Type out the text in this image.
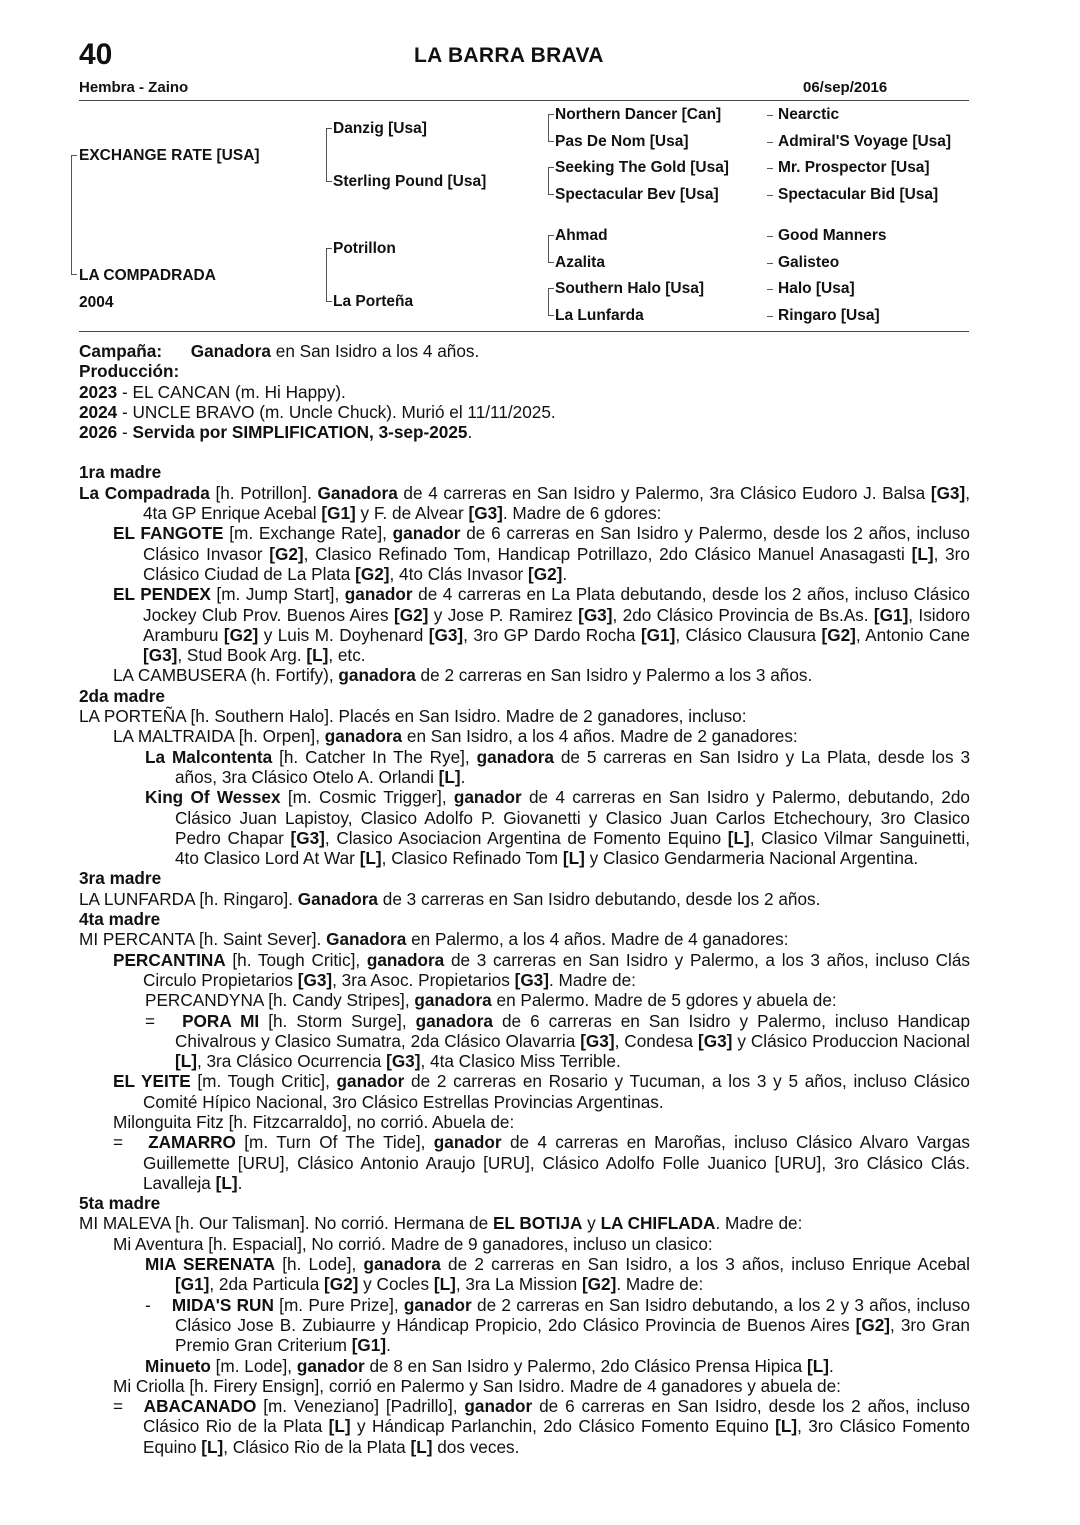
40	LA BARRA BRAVA
Hembra - Zaino	06/sep/2016
EXCHANGE RATE [USA]
LA COMPADRADA
2004
Danzig [Usa]
Sterling Pound [Usa]
Potrillon
La Porteña
Northern Dancer [Can]
Pas De Nom [Usa]
Seeking The Gold [Usa]
Spectacular Bev [Usa]
Ahmad
Azalita
Southern Halo [Usa]
La Lunfarda
Nearctic
Admiral'S Voyage [Usa]
Mr. Prospector [Usa]
Spectacular Bid [Usa]
Good Manners
Galisteo
Halo [Usa]
Ringaro [Usa]

Campaña: Ganadora en San Isidro a los 4 años.

Producción:

2023 - EL CANCAN (m. Hi Happy).

2024 - UNCLE BRAVO (m. Uncle Chuck). Murió el 11/11/2025.

2026 - Servida por SIMPLIFICATION, 3-sep-2025.

1ra madre

La Compadrada [h. Potrillon]. Ganadora de 4 carreras en San Isidro y Palermo, 3ra Clásico Eudoro J. Balsa [G3], 4ta GP Enrique Acebal [G1] y F. de Alvear [G3]. Madre de 6 gdores:

EL FANGOTE [m. Exchange Rate], ganador de 6 carreras en San Isidro y Palermo, desde los 2 años, incluso Clásico Invasor [G2], Clasico Refinado Tom, Handicap Potrillazo, 2do Clásico Manuel Anasagasti [L], 3ro Clásico Ciudad de La Plata [G2], 4to Clás Invasor [G2].

EL PENDEX [m. Jump Start], ganador de 4 carreras en La Plata debutando, desde los 2 años, incluso Clásico Jockey Club Prov. Buenos Aires [G2] y Jose P. Ramirez [G3], 2do Clásico Provincia de Bs.As. [G1], Isidoro Aramburu [G2] y Luis M. Doyhenard [G3], 3ro GP Dardo Rocha [G1], Clásico Clausura [G2], Antonio Cane [G3], Stud Book Arg. [L], etc.

LA CAMBUSERA (h. Fortify), ganadora de 2 carreras en San Isidro y Palermo a los 3 años.

2da madre

LA PORTEÑA [h. Southern Halo]. Placés en San Isidro. Madre de 2 ganadores, incluso:

LA MALTRAIDA [h. Orpen], ganadora en San Isidro, a los 4 años. Madre de 2 ganadores:

La Malcontenta [h. Catcher In The Rye], ganadora de 5 carreras en San Isidro y La Plata, desde los 3 años, 3ra Clásico Otelo A. Orlandi [L].

King Of Wessex [m. Cosmic Trigger], ganador de 4 carreras en San Isidro y Palermo, debutando, 2do Clásico Juan Lapistoy, Clasico Adolfo P. Giovanetti y Clasico Juan Carlos Etchechoury, 3ro Clasico Pedro Chapar [G3], Clasico Asociacion Argentina de Fomento Equino [L], Clasico Vilmar Sanguinetti, 4to Clasico Lord At War [L], Clasico Refinado Tom [L] y Clasico Gendarmeria Nacional Argentina.

3ra madre

LA LUNFARDA [h. Ringaro]. Ganadora de 3 carreras en San Isidro debutando, desde los 2 años.

4ta madre

MI PERCANTA [h. Saint Sever]. Ganadora en Palermo, a los 4 años. Madre de 4 ganadores:

PERCANTINA [h. Tough Critic], ganadora de 3 carreras en San Isidro y Palermo, a los 3 años, incluso Clás Circulo Propietarios [G3], 3ra Asoc. Propietarios [G3]. Madre de:

PERCANDYNA [h. Candy Stripes], ganadora en Palermo. Madre de 5 gdores y abuela de:

=   PORA MI [h. Storm Surge], ganadora de 6 carreras en San Isidro y Palermo, incluso Handicap Chivalrous y Clasico Sumatra, 2da Clásico Olavarria [G3], Condesa [G3] y Clásico Produccion Nacional [L], 3ra Clásico Ocurrencia [G3], 4ta Clasico Miss Terrible.

EL YEITE [m. Tough Critic], ganador de 2 carreras en Rosario y Tucuman, a los 3 y 5 años, incluso Clásico Comité Hípico Nacional, 3ro Clásico Estrellas Provincias Argentinas.

Milonguita Fitz [h. Fitzcarraldo], no corrió. Abuela de:

=   ZAMARRO [m. Turn Of The Tide], ganador de 4 carreras en Maroñas, incluso Clásico Alvaro Vargas Guillemette [URU], Clásico Antonio Araujo [URU], Clásico Adolfo Folle Juanico [URU], 3ro Clásico Clás. Lavalleja [L].

5ta madre

MI MALEVA [h. Our Talisman]. No corrió. Hermana de EL BOTIJA y LA CHIFLADA. Madre de:

Mi Aventura [h. Espacial], No corrió. Madre de 9 ganadores, incluso un clasico:

MIA SERENATA [h. Lode], ganadora de 2 carreras en San Isidro, a los 3 años, incluso Enrique Acebal [G1], 2da Particula [G2] y Cocles [L], 3ra La Mission [G2]. Madre de:

-    MIDA'S RUN [m. Pure Prize], ganador de 2 carreras en San Isidro debutando, a los 2 y 3 años, incluso Clásico Jose B. Zubiaurre y Hándicap Propicio, 2do Clásico Provincia de Buenos Aires [G2], 3ro Gran Premio Gran Criterium [G1].

Minueto [m. Lode], ganador de 8 en San Isidro y Palermo, 2do Clásico Prensa Hipica [L].

Mi Criolla [h. Firery Ensign], corrió en Palermo y San Isidro. Madre de 4 ganadores y abuela de:

=   ABACANADO [m. Veneziano] [Padrillo], ganador de 6 carreras en San Isidro, desde los 2 años, incluso Clásico Rio de la Plata [L] y Hándicap Parlanchin, 2do Clásico Fomento Equino [L], 3ro Clásico Fomento Equino [L], Clásico Rio de la Plata [L] dos veces.
